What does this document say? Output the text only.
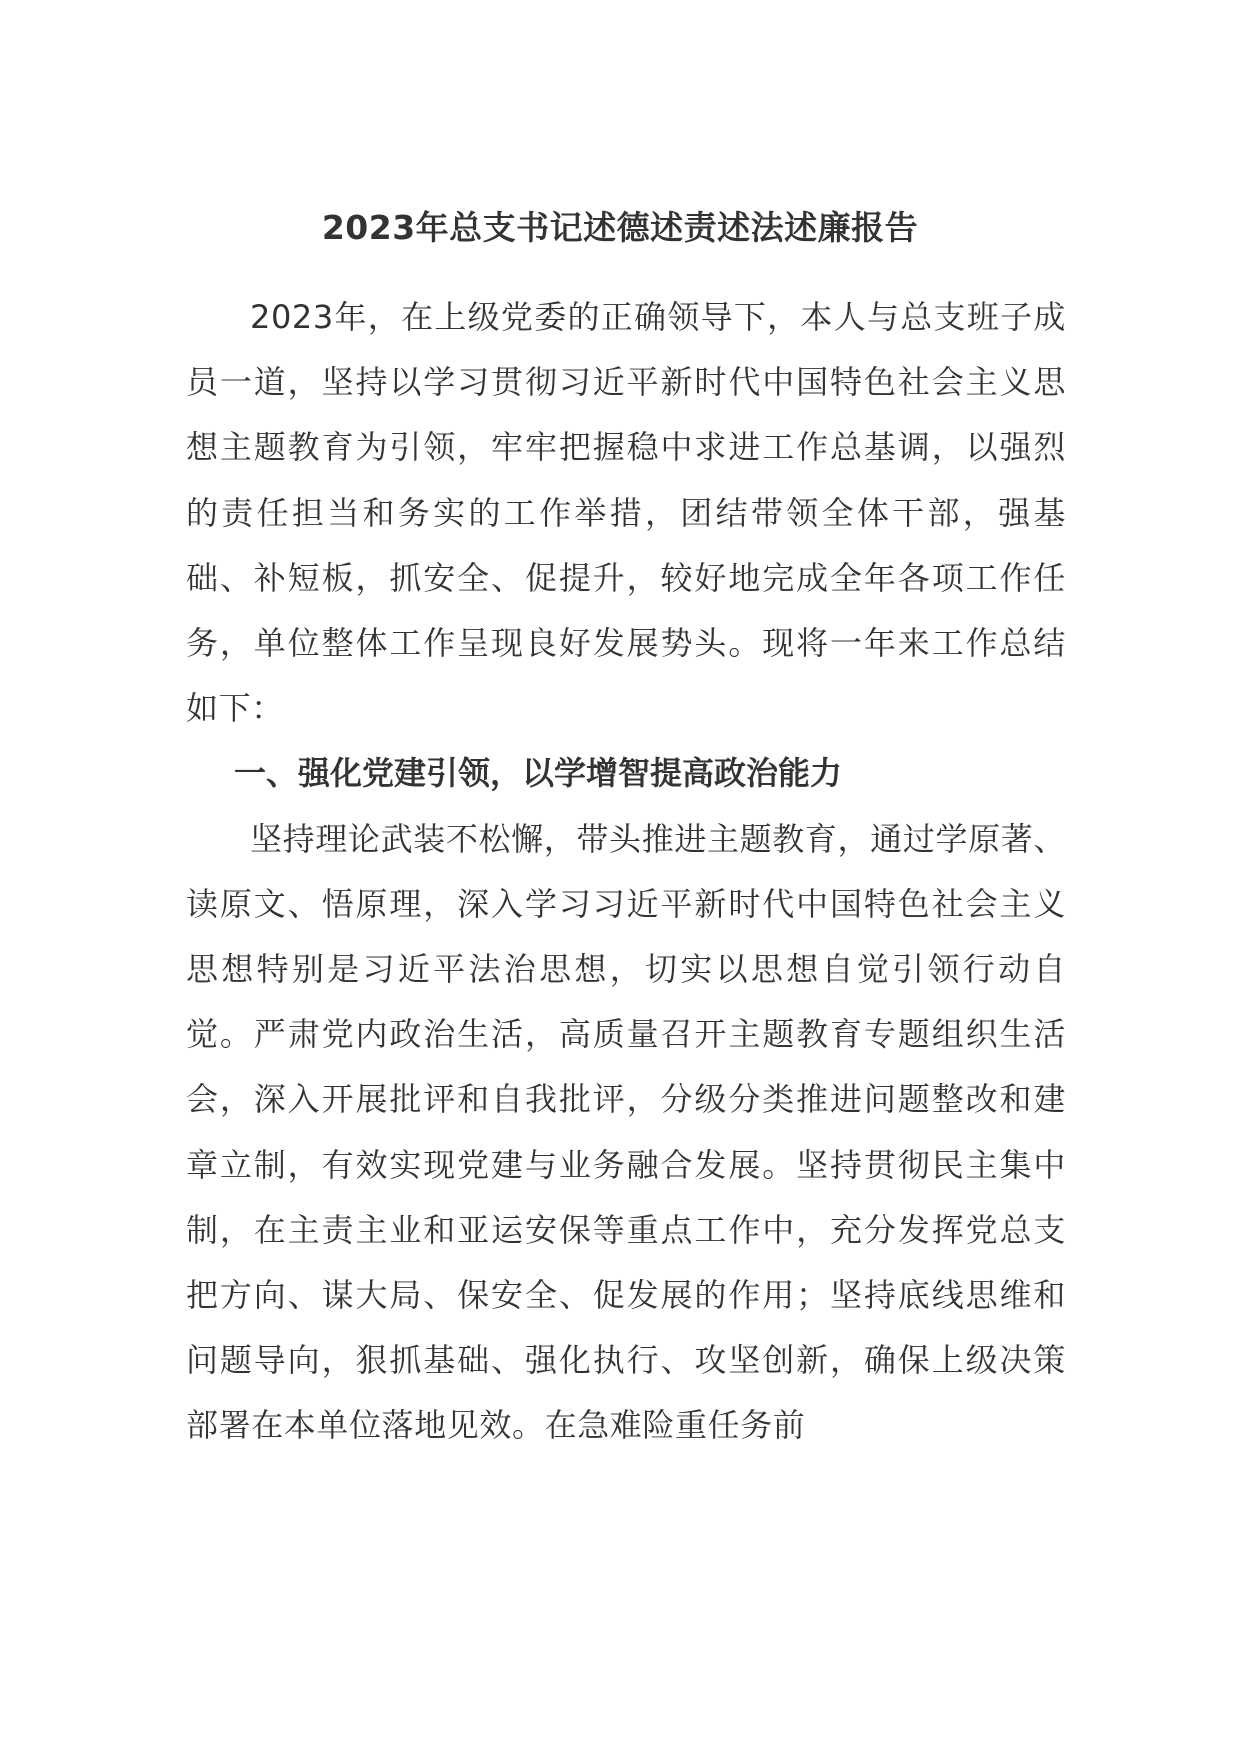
2023年总支书记述德述责述法述廉报告

2023年，在上级党委的正确领导下，本人与总支班子成员一道，坚持以学习贯彻习近平新时代中国特色社会主义思想主题教育为引领，牢牢把握稳中求进工作总基调，以强烈的责任担当和务实的工作举措，团结带领全体干部，强基础、补短板，抓安全、促提升，较好地完成全年各项工作任务，单位整体工作呈现良好发展势头。现将一年来工作总结如下：

一、强化党建引领，以学增智提高政治能力

坚持理论武装不松懈，带头推进主题教育，通过学原著、读原文、悟原理，深入学习习近平新时代中国特色社会主义思想特别是习近平法治思想，切实以思想自觉引领行动自觉。严肃党内政治生活，高质量召开主题教育专题组织生活会，深入开展批评和自我批评，分级分类推进问题整改和建章立制，有效实现党建与业务融合发展。坚持贯彻民主集中制，在主责主业和亚运安保等重点工作中，充分发挥党总支把方向、谋大局、保安全、促发展的作用；坚持底线思维和问题导向，狠抓基础、强化执行、攻坚创新，确保上级决策部署在本单位落地见效。在急难险重任务前
